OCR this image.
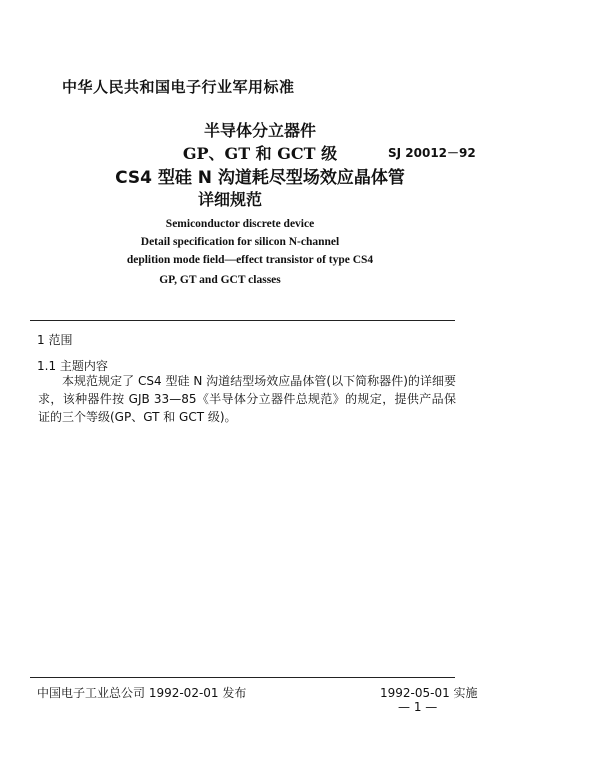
中华人民共和国电子行业军用标准
半导体分立器件
GP、GT 和 GCT 级
CS4 型硅 N 沟道耗尽型场效应晶体管
详细规范
SJ 20012－92
Semiconductor discrete device
Detail specification for silicon N-channel
deplition mode field—effect transistor of type CS4
GP, GT and GCT classes
1 范围
1.1 主题内容
本规范规定了 CS4 型硅 N 沟道结型场效应晶体管(以下简称器件)的详细要求，该种器件按 GJB 33—85《半导体分立器件总规范》的规定，提供产品保证的三个等级(GP、GT 和 GCT 级)。
中国电子工业总公司 1992-02-01 发布	1992-05-01 实施
— 1 —
